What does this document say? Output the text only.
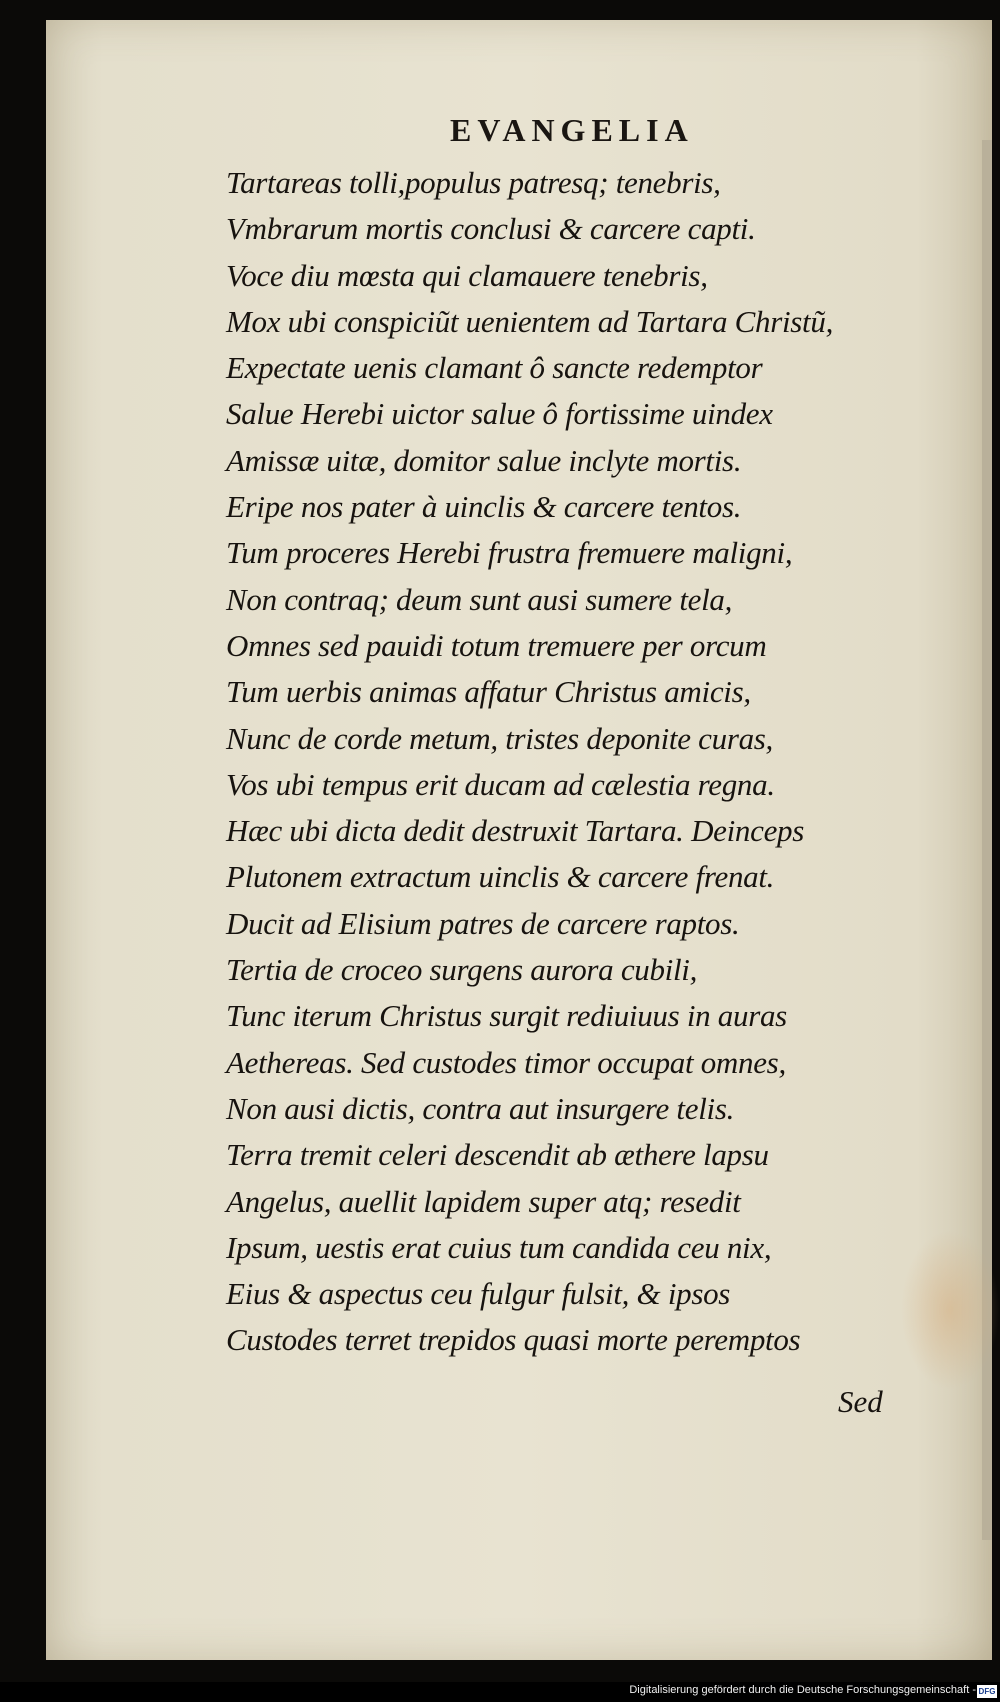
EVANGELIA
Tartareas tolli,populus patresq; tenebris,
Vmbrarum mortis conclusi & carcere capti.
Voce diu mœsta qui clamauere tenebris,
Mox ubi conspiciũt uenientem ad Tartara Christũ,
Expectate uenis clamant ô sancte redemptor
Salue Herebi uictor salue ô fortissime uindex
Amissæ uitæ, domitor salue inclyte mortis.
Eripe nos pater à uinclis & carcere tentos.
Tum proceres Herebi frustra fremuere maligni,
Non contraq; deum sunt ausi sumere tela,
Omnes sed pauidi totum tremuere per orcum
Tum uerbis animas affatur Christus amicis,
Nunc de corde metum, tristes deponite curas,
Vos ubi tempus erit ducam ad cælestia regna.
Hæc ubi dicta dedit destruxit Tartara. Deinceps
Plutonem extractum uinclis & carcere frenat.
Ducit ad Elisium patres de carcere raptos.
Tertia de croceo surgens aurora cubili,
Tunc iterum Christus surgit rediuiuus in auras
Aethereas. Sed custodes timor occupat omnes,
Non ausi dictis, contra aut insurgere telis.
Terra tremit celeri descendit ab æthere lapsu
Angelus, auellit lapidem super atq; resedit
Ipsum, uestis erat cuius tum candida ceu nix,
Eius & aspectus ceu fulgur fulsit, & ipsos
Custodes terret trepidos quasi morte peremptos
Sed
Digitalisierung gefördert durch die Deutsche Forschungsgemeinschaft - DFG
